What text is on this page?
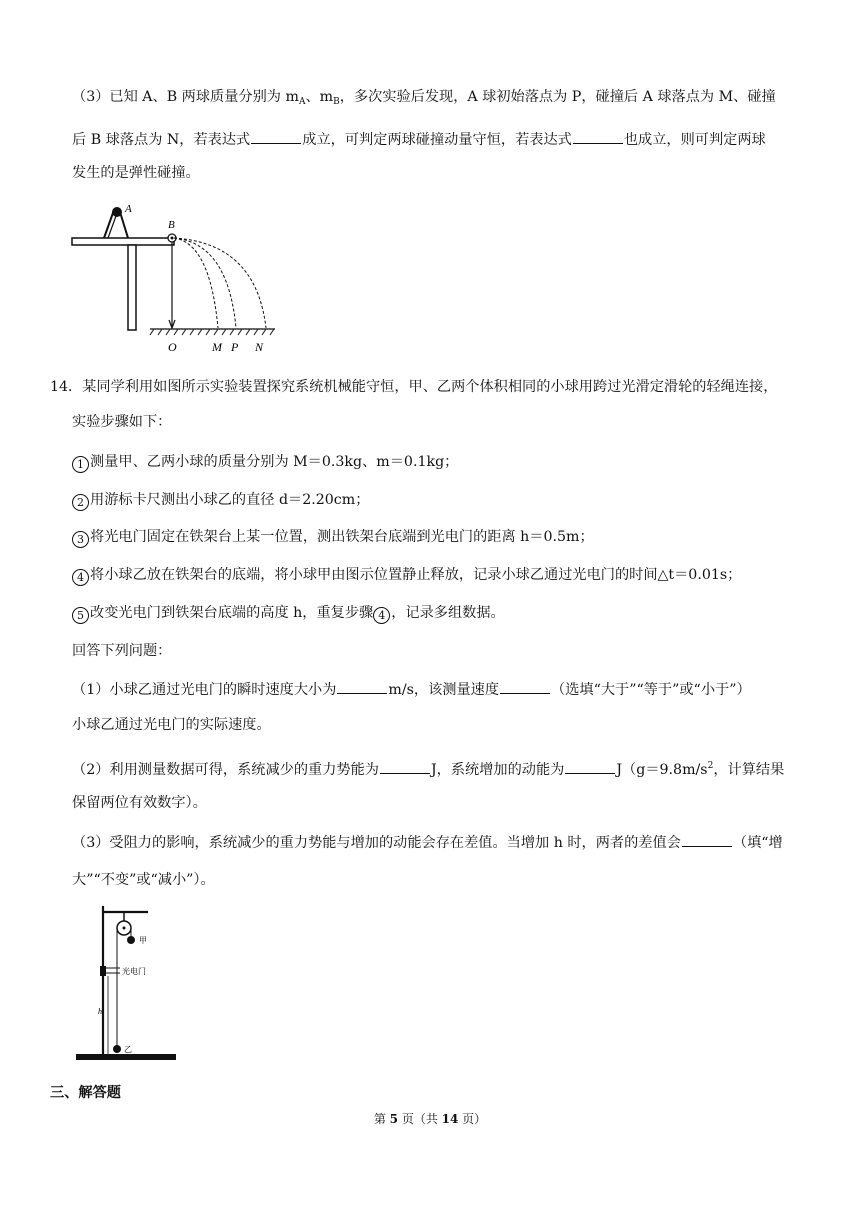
（3）已知 A、B 两球质量分别为 $m_A$、$m_B$，多次实验后发现，A 球初始落点为 P，碰撞后 A 球落点为 M、碰撞
后 B 球落点为 N，若表达式	成立，可判定两球碰撞动量守恒，若表达式	也成立，则可判定两球
发生的是弹性碰撞。
A
B
O	M P N
14．某同学利用如图所示实验装置探究系统机械能守恒，甲、乙两个体积相同的小球用跨过光滑定滑轮的轻绳连接，
实验步骤如下：
1 测量甲、乙两小球的质量分别为 M＝0.3kg、m＝0.1kg；
2 用游标卡尺测出小球乙的直径 d＝2.20cm；
3 将光电门固定在铁架台上某一位置，测出铁架台底端到光电门的距离 h＝0.5m；
4 将小球乙放在铁架台的底端，将小球甲由图示位置静止释放，记录小球乙通过光电门的时间△t＝0.01s；
5 改变光电门到铁架台底端的高度 h，重复步骤 4 ，记录多组数据。
回答下列问题：
（1）小球乙通过光电门的瞬时速度大小为	m/s，该测量速度	（选填“大于”“等于”或“小于”）
小球乙通过光电门的实际速度。
（2）利用测量数据可得，系统减少的重力势能为	J，系统增加的动能为	$J(g=9.8m/s^2$，计算结果
保留两位有效数字）。
（3）受阻力的影响，系统减少的重力势能与增加的动能会存在差值。当增加 h 时，两者的差值会	（填“增
大”“不变”或“减小”）。
甲
光电门
h
乙
三、解答题
第 5 页（共 14 页）
